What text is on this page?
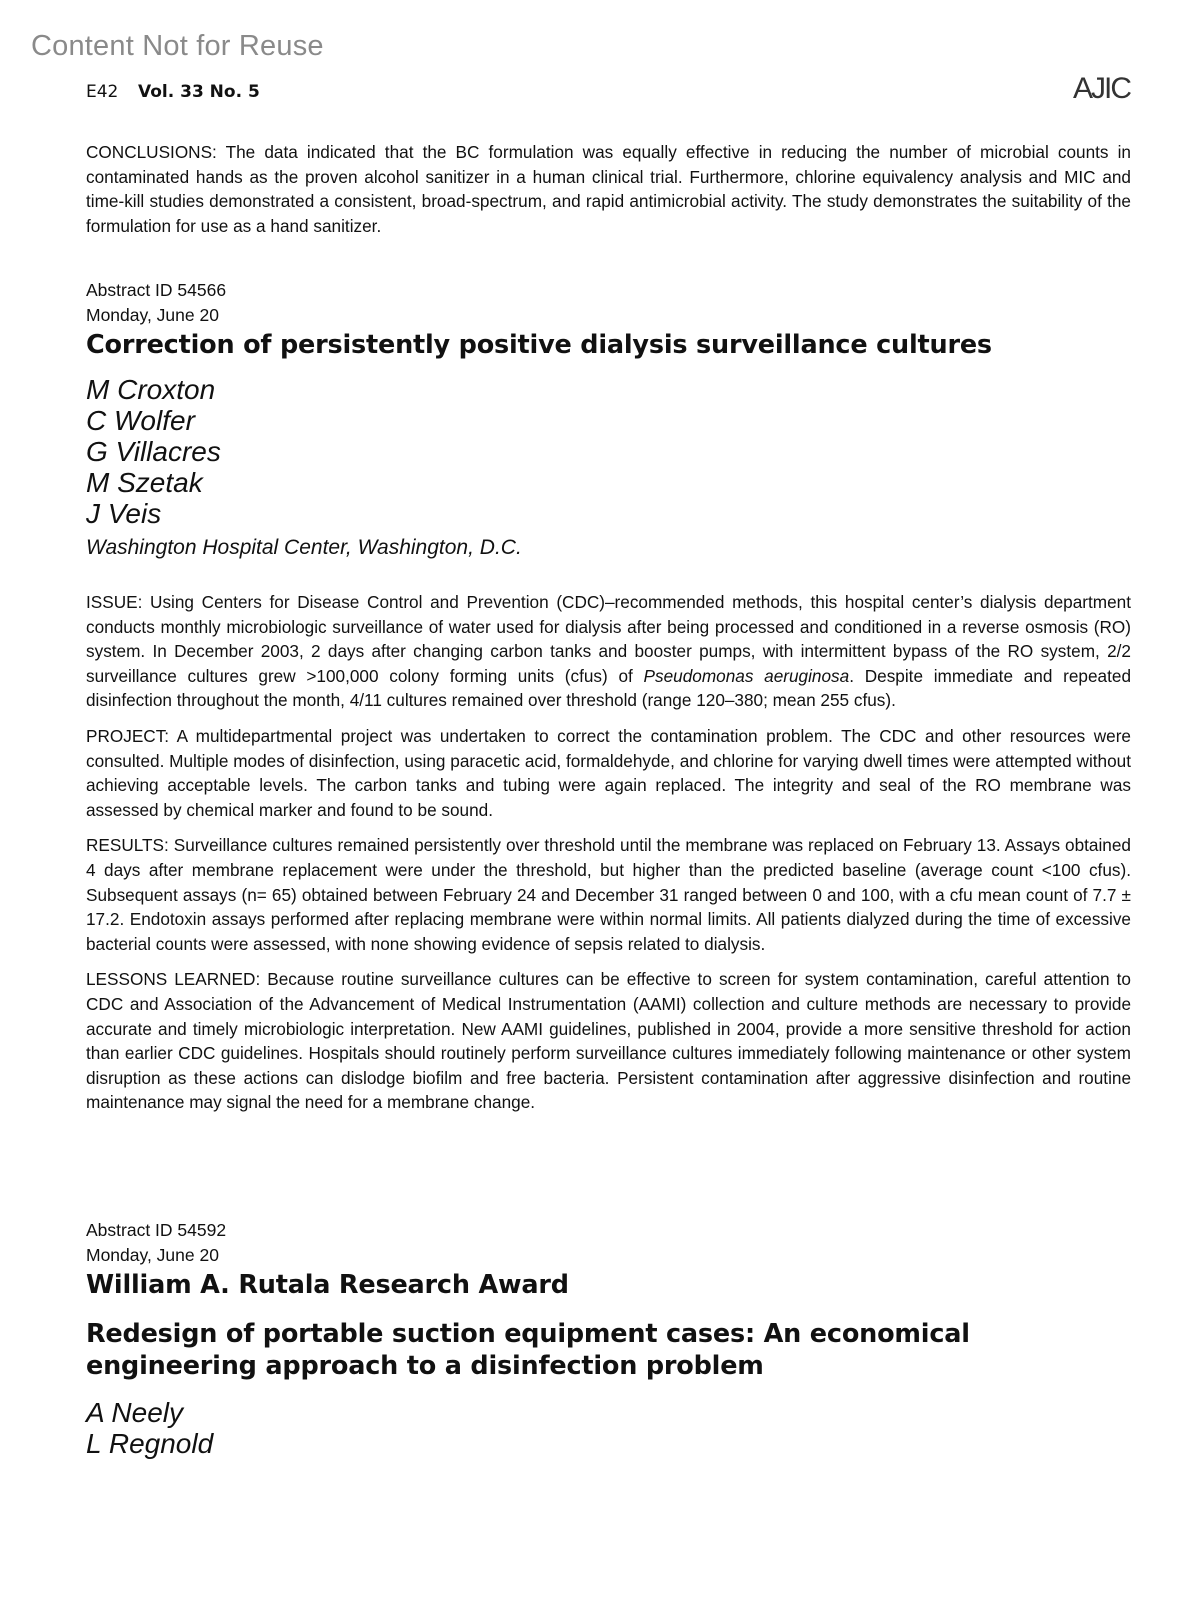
Content Not for Reuse
E42 Vol. 33 No. 5	AJIC
CONCLUSIONS: The data indicated that the BC formulation was equally effective in reducing the number of microbial counts in contaminated hands as the proven alcohol sanitizer in a human clinical trial. Furthermore, chlorine equivalency analysis and MIC and time-kill studies demonstrated a consistent, broad-spectrum, and rapid antimicrobial activity. The study demonstrates the suitability of the formulation for use as a hand sanitizer.
Abstract ID 54566
Monday, June 20
Correction of persistently positive dialysis surveillance cultures
M Croxton
C Wolfer
G Villacres
M Szetak
J Veis
Washington Hospital Center, Washington, D.C.

ISSUE: Using Centers for Disease Control and Prevention (CDC)–recommended methods, this hospital center’s dialysis department conducts monthly microbiologic surveillance of water used for dialysis after being processed and conditioned in a reverse osmosis (RO) system. In December 2003, 2 days after changing carbon tanks and booster pumps, with intermittent bypass of the RO system, 2/2 surveillance cultures grew >100,000 colony forming units (cfus) of Pseudomonas aeruginosa. Despite immediate and repeated disinfection throughout the month, 4/11 cultures remained over threshold (range 120–380; mean 255 cfus).

PROJECT: A multidepartmental project was undertaken to correct the contamination problem. The CDC and other resources were consulted. Multiple modes of disinfection, using paracetic acid, formaldehyde, and chlorine for varying dwell times were attempted without achieving acceptable levels. The carbon tanks and tubing were again replaced. The integrity and seal of the RO membrane was assessed by chemical marker and found to be sound.

RESULTS: Surveillance cultures remained persistently over threshold until the membrane was replaced on February 13. Assays obtained 4 days after membrane replacement were under the threshold, but higher than the predicted baseline (average count <100 cfus). Subsequent assays (n= 65) obtained between February 24 and December 31 ranged between 0 and 100, with a cfu mean count of 7.7 ± 17.2. Endotoxin assays performed after replacing membrane were within normal limits. All patients dialyzed during the time of excessive bacterial counts were assessed, with none showing evidence of sepsis related to dialysis.

LESSONS LEARNED: Because routine surveillance cultures can be effective to screen for system contamination, careful attention to CDC and Association of the Advancement of Medical Instrumentation (AAMI) collection and culture methods are necessary to provide accurate and timely microbiologic interpretation. New AAMI guidelines, published in 2004, provide a more sensitive threshold for action than earlier CDC guidelines. Hospitals should routinely perform surveillance cultures immediately following maintenance or other system disruption as these actions can dislodge biofilm and free bacteria. Persistent contamination after aggressive disinfection and routine maintenance may signal the need for a membrane change.

Abstract ID 54592
Monday, June 20
William A. Rutala Research Award
Redesign of portable suction equipment cases: An economical engineering approach to a disinfection problem
A Neely
L Regnold
